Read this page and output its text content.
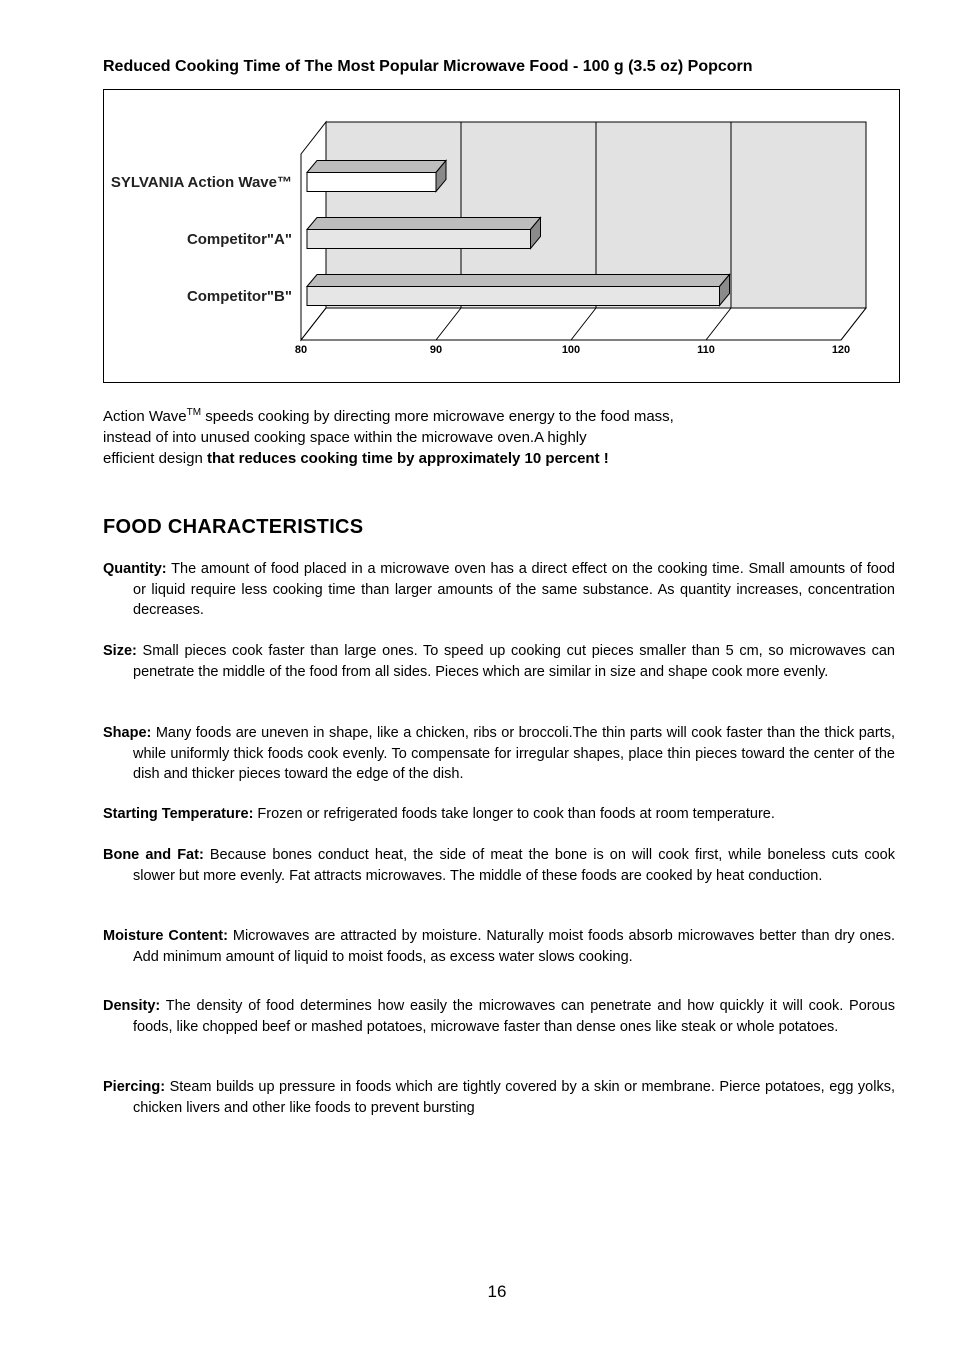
Reduced Cooking Time of The Most Popular Microwave Food - 100 g (3.5 oz) Popcorn
80	90	100	110	120
SYLVANIA Action Wave™
Competitor"A"
Competitor"B"
Action Wave™ speeds cooking by directing more microwave energy to the food mass,
instead of into unused cooking space within the microwave oven.A highly
efficient design that reduces cooking time by approximately 10 percent !
FOOD CHARACTERISTICS
Quantity: The amount of food placed in a microwave oven has a direct effect on the cooking time. Small amounts of food or liquid require less cooking time than larger amounts of the same substance. As quantity increases, concentration decreases.
Size: Small pieces cook faster than large ones. To speed up cooking cut pieces smaller than 5 cm, so microwaves can penetrate the middle of the food from all sides. Pieces which are similar in size and shape cook more evenly.
Shape: Many foods are uneven in shape, like a chicken, ribs or broccoli.The thin parts will cook faster than the thick parts, while uniformly thick foods cook evenly. To compensate for irregular shapes, place thin pieces toward the center of the dish and thicker pieces toward the edge of the dish.
Starting Temperature: Frozen or refrigerated foods take longer to cook than foods at room temperature.
Bone and Fat: Because bones conduct heat, the side of meat the bone is on will cook first, while boneless cuts cook slower but more evenly. Fat attracts microwaves. The middle of these foods are cooked by heat conduction.
Moisture Content: Microwaves are attracted by moisture. Naturally moist foods absorb microwaves better than dry ones. Add minimum amount of liquid to moist foods, as excess water slows cooking.
Density: The density of food determines how easily the microwaves can penetrate and how quickly it will cook. Porous foods, like chopped beef or mashed potatoes, microwave faster than dense ones like steak or whole potatoes.
Piercing: Steam builds up pressure in foods which are tightly covered by a skin or membrane. Pierce potatoes, egg yolks, chicken livers and other like foods to prevent bursting
16
